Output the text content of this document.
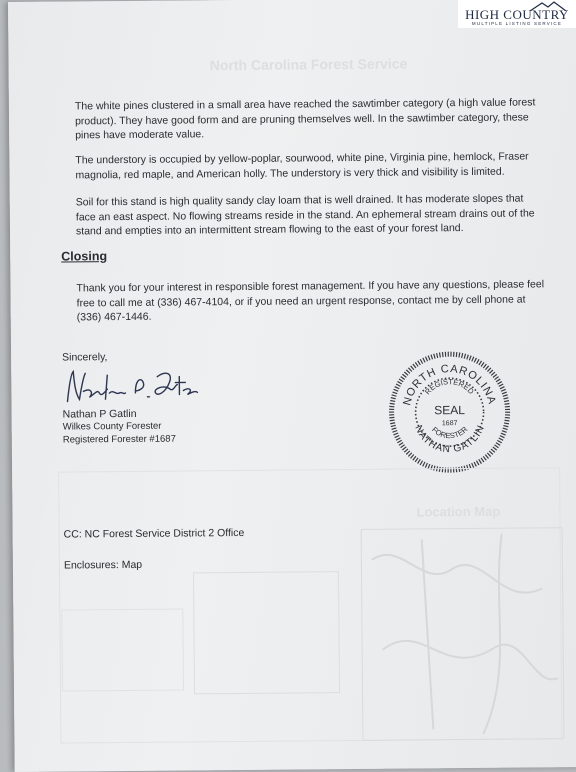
North Carolina Forest Service
The white pines clustered in a small area have reached the sawtimber category (a high value forest product). They have good form and are pruning themselves well. In the sawtimber category, these pines have moderate value.
The understory is occupied by yellow-poplar, sourwood, white pine, Virginia pine, hemlock, Fraser magnolia, red maple, and American holly. The understory is very thick and visibility is limited.
Soil for this stand is high quality sandy clay loam that is well drained. It has moderate slopes that face an east aspect. No flowing streams reside in the stand. An ephemeral stream drains out of the stand and empties into an intermittent stream flowing to the east of your forest land.
Closing
Thank you for your interest in responsible forest management. If you have any questions, please feel free to call me at (336) 467-4104, or if you need an urgent response, contact me by cell phone at (336) 467-1446.
Sincerely,
Nathan P Gatlin
Wilkes County Forester
Registered Forester #1687
NORTH CAROLINA
NATHAN GATLIN
REGISTERED
FORESTER
SEAL
1687
Location Map
CC: NC Forest Service District 2 Office
Enclosures: Map
HIGH COUNTRY
MULTIPLE LISTING SERVICE
